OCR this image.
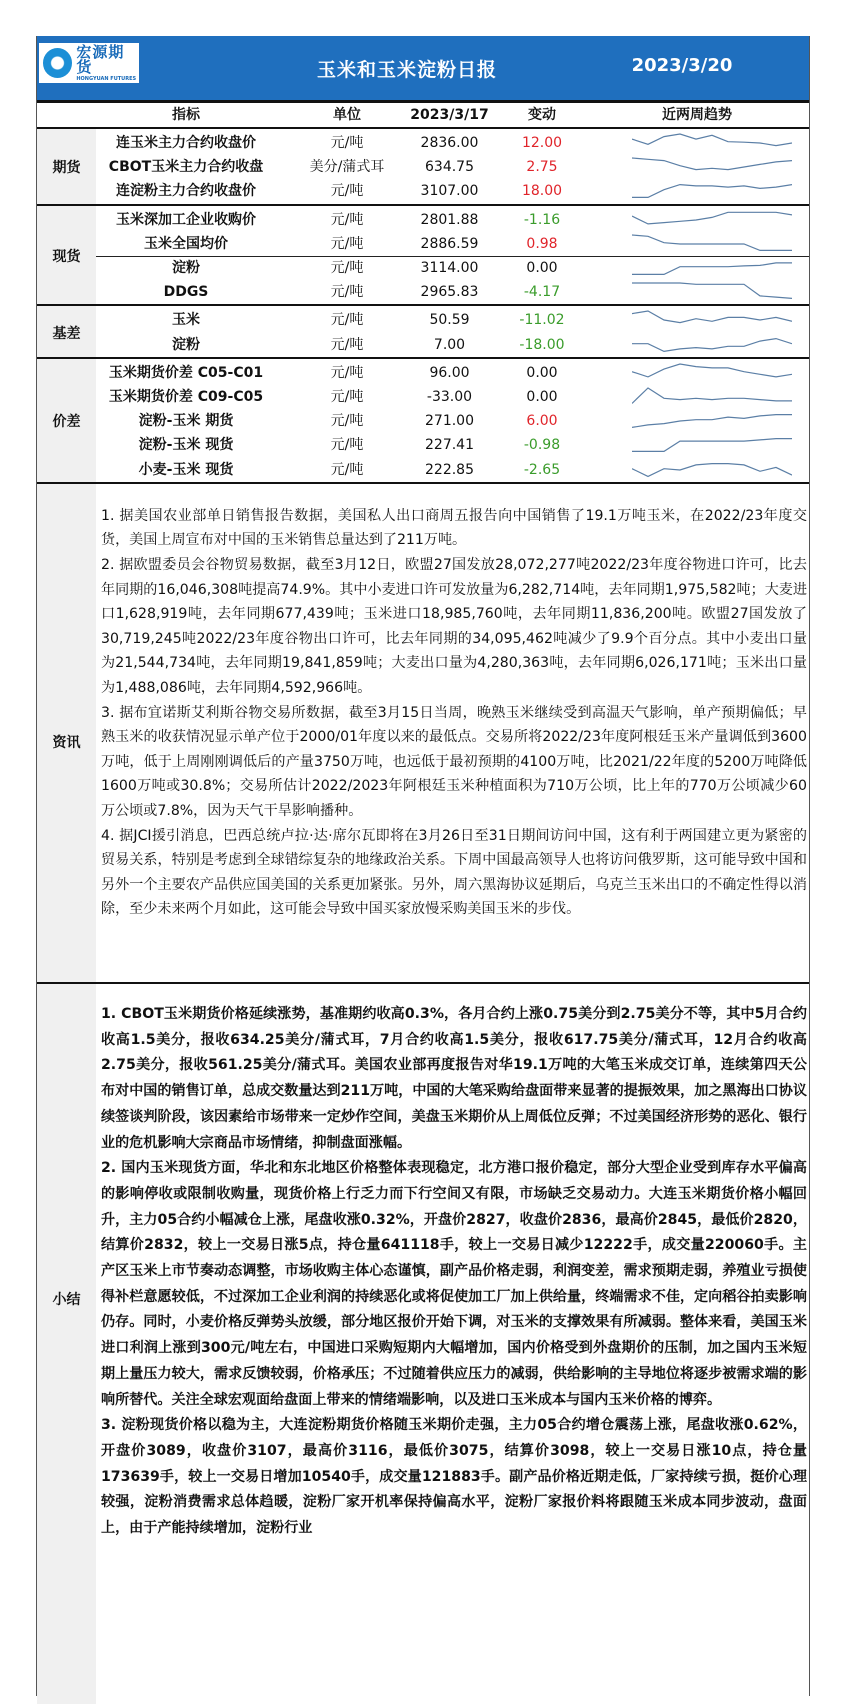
宏源期货
HONGYUAN FUTURES	玉米和玉米淀粉日报	2023/3/20
指标	单位	2023/3/17	变动	近两周趋势
期货
连玉米主力合约收盘价	元/吨	2836.00	12.00
CBOT玉米主力合约收盘	美分/蒲式耳	634.75	2.75
连淀粉主力合约收盘价	元/吨	3107.00	18.00
现货
玉米深加工企业收购价	元/吨	2801.88	-1.16
玉米全国均价	元/吨	2886.59	0.98
淀粉	元/吨	3114.00	0.00
DDGS	元/吨	2965.83	-4.17
基差
玉米	元/吨	50.59	-11.02
淀粉	元/吨	7.00	-18.00
价差
玉米期货价差 C05-C01	元/吨	96.00	0.00
玉米期货价差 C09-C05	元/吨	-33.00	0.00
淀粉-玉米 期货	元/吨	271.00	6.00
淀粉-玉米 现货	元/吨	227.41	-0.98
小麦-玉米 现货	元/吨	222.85	-2.65
资讯

1. 据美国农业部单日销售报告数据，美国私人出口商周五报告向中国销售了19.1万吨玉米，在2022/23年度交货，美国上周宣布对中国的玉米销售总量达到了211万吨。

2. 据欧盟委员会谷物贸易数据，截至3月12日，欧盟27国发放28,072,277吨2022/23年度谷物进口许可，比去年同期的16,046,308吨提高74.9%。其中小麦进口许可发放量为6,282,714吨，去年同期1,975,582吨；大麦进口1,628,919吨，去年同期677,439吨；玉米进口18,985,760吨，去年同期11,836,200吨。欧盟27国发放了30,719,245吨2022/23年度谷物出口许可，比去年同期的34,095,462吨减少了9.9个百分点。其中小麦出口量为21,544,734吨，去年同期19,841,859吨；大麦出口量为4,280,363吨，去年同期6,026,171吨；玉米出口量为1,488,086吨，去年同期4,592,966吨。

3. 据布宜诺斯艾利斯谷物交易所数据，截至3月15日当周，晚熟玉米继续受到高温天气影响，单产预期偏低；早熟玉米的收获情况显示单产位于2000/01年度以来的最低点。交易所将2022/23年度阿根廷玉米产量调低到3600万吨，低于上周刚刚调低后的产量3750万吨，也远低于最初预期的4100万吨，比2021/22年度的5200万吨降低1600万吨或30.8%；交易所估计2022/2023年阿根廷玉米种植面积为710万公顷，比上年的770万公顷减少60万公顷或7.8%，因为天气干旱影响播种。

4. 据JCI援引消息，巴西总统卢拉·达·席尔瓦即将在3月26日至31日期间访问中国，这有利于两国建立更为紧密的贸易关系，特别是考虑到全球错综复杂的地缘政治关系。下周中国最高领导人也将访问俄罗斯，这可能导致中国和另外一个主要农产品供应国美国的关系更加紧张。另外，周六黑海协议延期后，乌克兰玉米出口的不确定性得以消除，至少未来两个月如此，这可能会导致中国买家放慢采购美国玉米的步伐。

小结

1. CBOT玉米期货价格延续涨势，基准期约收高0.3%，各月合约上涨0.75美分到2.75美分不等，其中5月合约收高1.5美分，报收634.25美分/蒲式耳，7月合约收高1.5美分，报收617.75美分/蒲式耳，12月合约收高2.75美分，报收561.25美分/蒲式耳。美国农业部再度报告对华19.1万吨的大笔玉米成交订单，连续第四天公布对中国的销售订单，总成交数量达到211万吨，中国的大笔采购给盘面带来显著的提振效果，加之黑海出口协议续签谈判阶段，该因素给市场带来一定炒作空间，美盘玉米期价从上周低位反弹；不过美国经济形势的恶化、银行业的危机影响大宗商品市场情绪，抑制盘面涨幅。

2. 国内玉米现货方面，华北和东北地区价格整体表现稳定，北方港口报价稳定，部分大型企业受到库存水平偏高的影响停收或限制收购量，现货价格上行乏力而下行空间又有限，市场缺乏交易动力。大连玉米期货价格小幅回升，主力05合约小幅减仓上涨，尾盘收涨0.32%，开盘价2827，收盘价2836，最高价2845，最低价2820，结算价2832，较上一交易日涨5点，持仓量641118手，较上一交易日减少12222手，成交量220060手。主产区玉米上市节奏动态调整，市场收购主体心态谨慎，副产品价格走弱，利润变差，需求预期走弱，养殖业亏损使得补栏意愿较低，不过深加工企业利润的持续恶化或将促使加工厂加上供给量，终端需求不佳，定向稻谷拍卖影响仍存。同时，小麦价格反弹势头放缓，部分地区报价开始下调，对玉米的支撑效果有所减弱。整体来看，美国玉米进口利润上涨到300元/吨左右，中国进口采购短期内大幅增加，国内价格受到外盘期价的压制，加之国内玉米短期上量压力较大，需求反馈较弱，价格承压；不过随着供应压力的减弱，供给影响的主导地位将逐步被需求端的影响所替代。关注全球宏观面给盘面上带来的情绪端影响，以及进口玉米成本与国内玉米价格的博弈。

3. 淀粉现货价格以稳为主，大连淀粉期货价格随玉米期价走强，主力05合约增仓震荡上涨，尾盘收涨0.62%，开盘价3089，收盘价3107，最高价3116，最低价3075，结算价3098，较上一交易日涨10点，持仓量173639手，较上一交易日增加10540手，成交量121883手。副产品价格近期走低，厂家持续亏损，挺价心理较强，淀粉消费需求总体趋暖，淀粉厂家开机率保持偏高水平，淀粉厂家报价料将跟随玉米成本同步波动，盘面上，由于产能持续增加，淀粉行业
